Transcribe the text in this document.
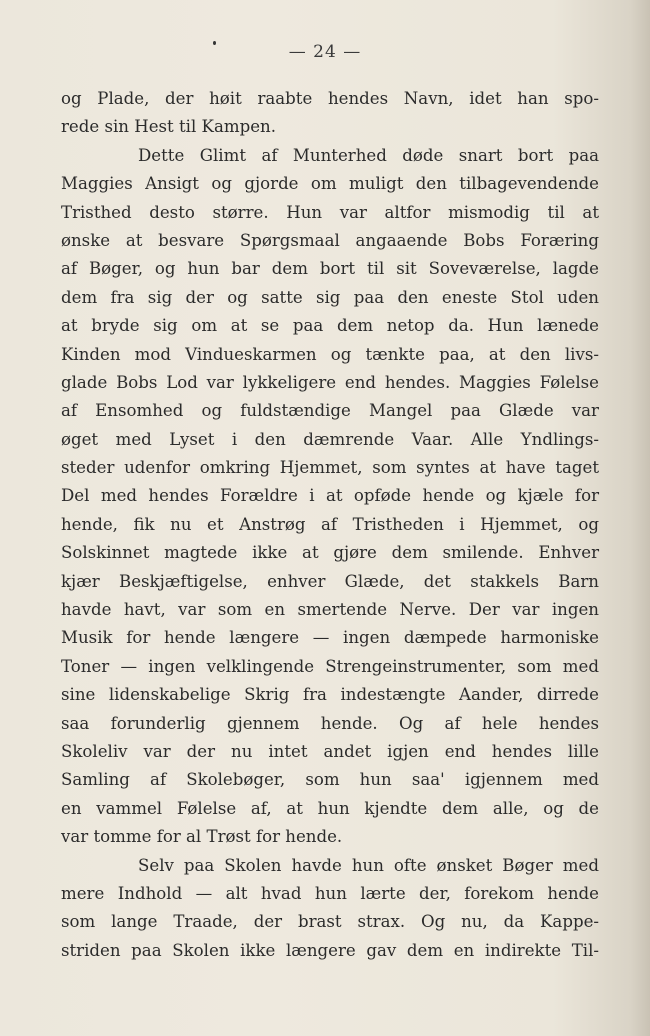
— 24 —
og Plade, der høit raabte hendes Navn, idet han spo-
rede sin Hest til Kampen.
Dette Glimt af Munterhed døde snart bort paa
Maggies Ansigt og gjorde om muligt den tilbagevendende
Tristhed desto større. Hun var altfor mismodig til at
ønske at besvare Spørgsmaal angaaende Bobs Foræring
af Bøger, og hun bar dem bort til sit Soveværelse, lagde
dem fra sig der og satte sig paa den eneste Stol uden
at bryde sig om at se paa dem netop da. Hun lænede
Kinden mod Vindueskarmen og tænkte paa, at den livs-
glade Bobs Lod var lykkeligere end hendes. Maggies Følelse
af Ensomhed og fuldstændige Mangel paa Glæde var
øget med Lyset i den dæmrende Vaar. Alle Yndlings-
steder udenfor omkring Hjemmet, som syntes at have taget
Del med hendes Forældre i at opføde hende og kjæle for
hende, fik nu et Anstrøg af Tristheden i Hjemmet, og
Solskinnet magtede ikke at gjøre dem smilende. Enhver
kjær Beskjæftigelse, enhver Glæde, det stakkels Barn
havde havt, var som en smertende Nerve. Der var ingen
Musik for hende længere — ingen dæmpede harmoniske
Toner — ingen velklingende Strengeinstrumenter, som med
sine lidenskabelige Skrig fra indestængte Aander, dirrede
saa forunderlig gjennem hende. Og af hele hendes
Skoleliv var der nu intet andet igjen end hendes lille
Samling af Skolebøger, som hun saa' igjennem med
en vammel Følelse af, at hun kjendte dem alle, og de
var tomme for al Trøst for hende.
Selv paa Skolen havde hun ofte ønsket Bøger med
mere Indhold — alt hvad hun lærte der, forekom hende
som lange Traade, der brast strax. Og nu, da Kappe-
striden paa Skolen ikke længere gav dem en indirekte Til-
